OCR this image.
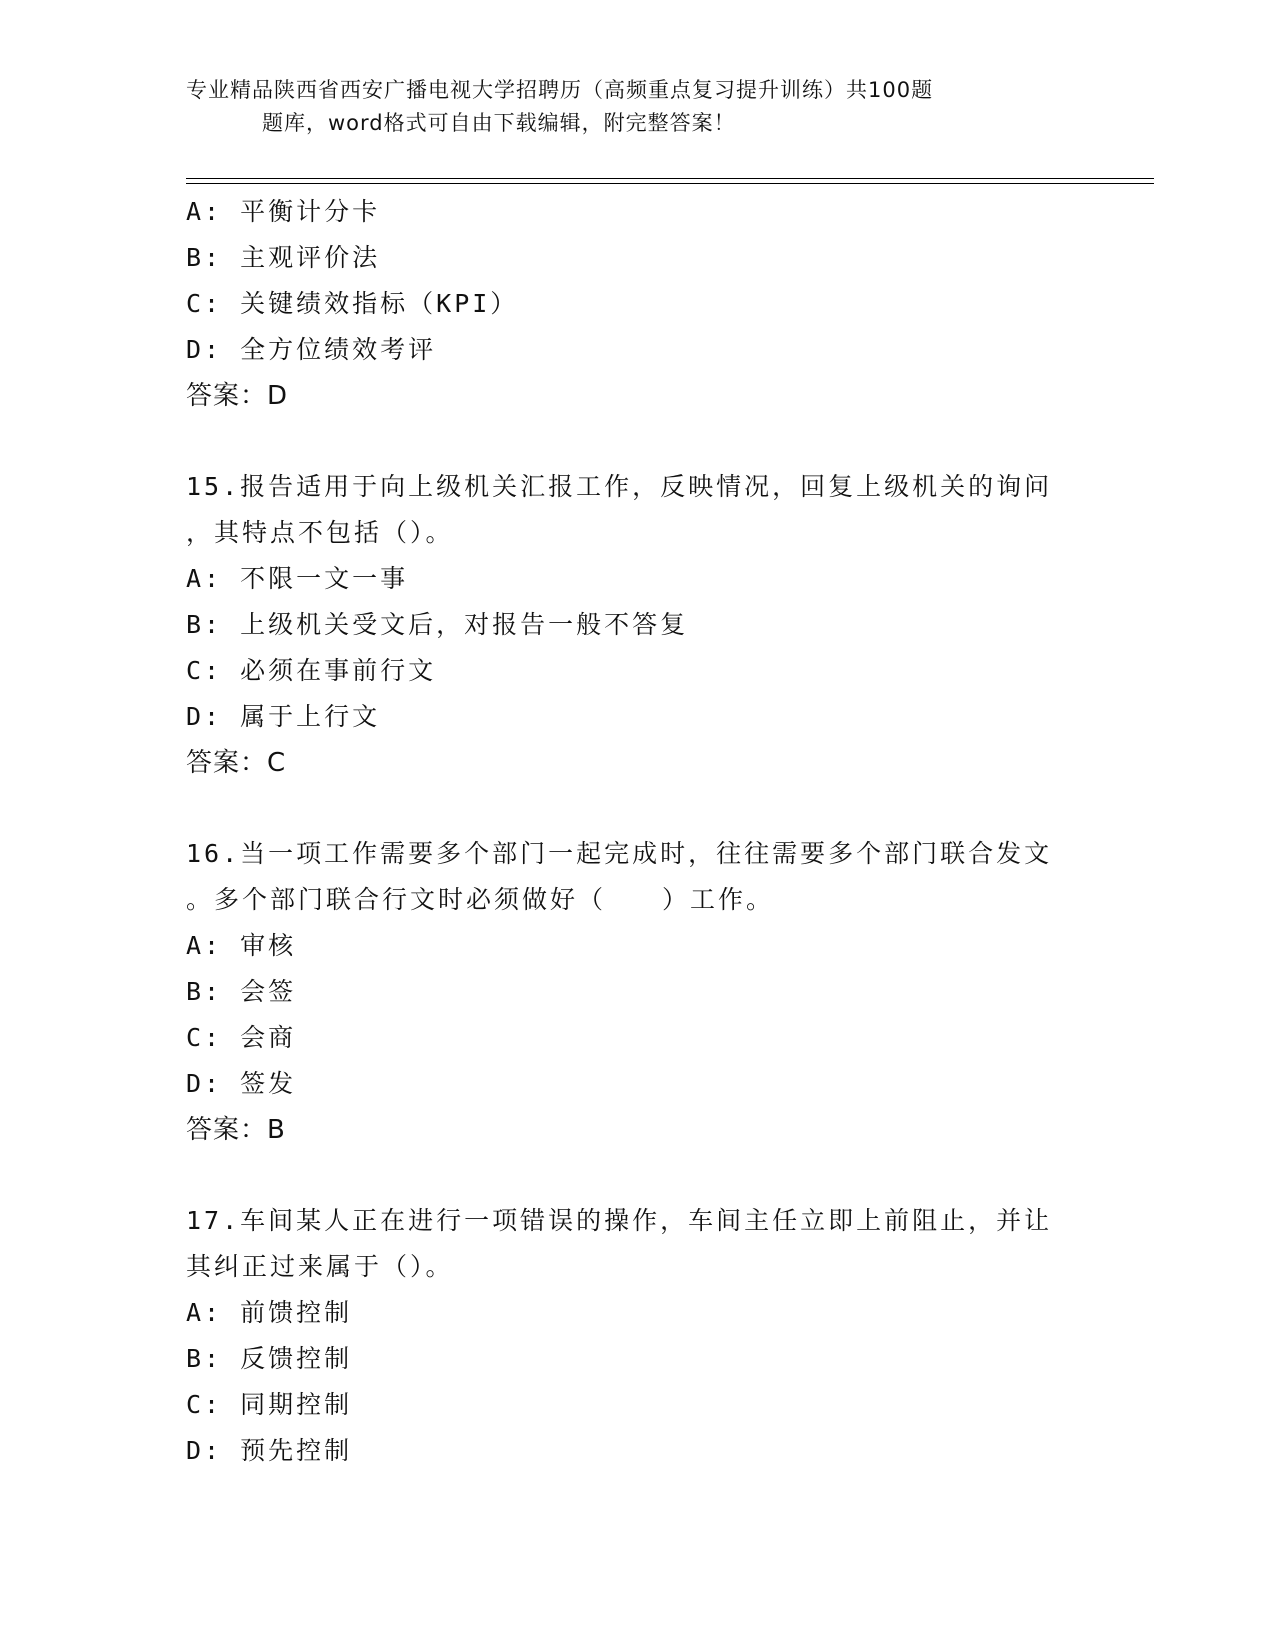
专业精品陕西省西安广播电视大学招聘历（高频重点复习提升训练）共100题
题库，word格式可自由下载编辑，附完整答案！
A: 平衡计分卡
B: 主观评价法
C: 关键绩效指标（KPI）
D: 全方位绩效考评
答案：D
15.报告适用于向上级机关汇报工作，反映情况，回复上级机关的询问
，其特点不包括（）。
A: 不限一文一事
B: 上级机关受文后，对报告一般不答复
C: 必须在事前行文
D: 属于上行文
答案：C
16.当一项工作需要多个部门一起完成时，往往需要多个部门联合发文
。多个部门联合行文时必须做好（　　）工作。
A: 审核
B: 会签
C: 会商
D: 签发
答案：B
17.车间某人正在进行一项错误的操作，车间主任立即上前阻止，并让
其纠正过来属于（）。
A: 前馈控制
B: 反馈控制
C: 同期控制
D: 预先控制
